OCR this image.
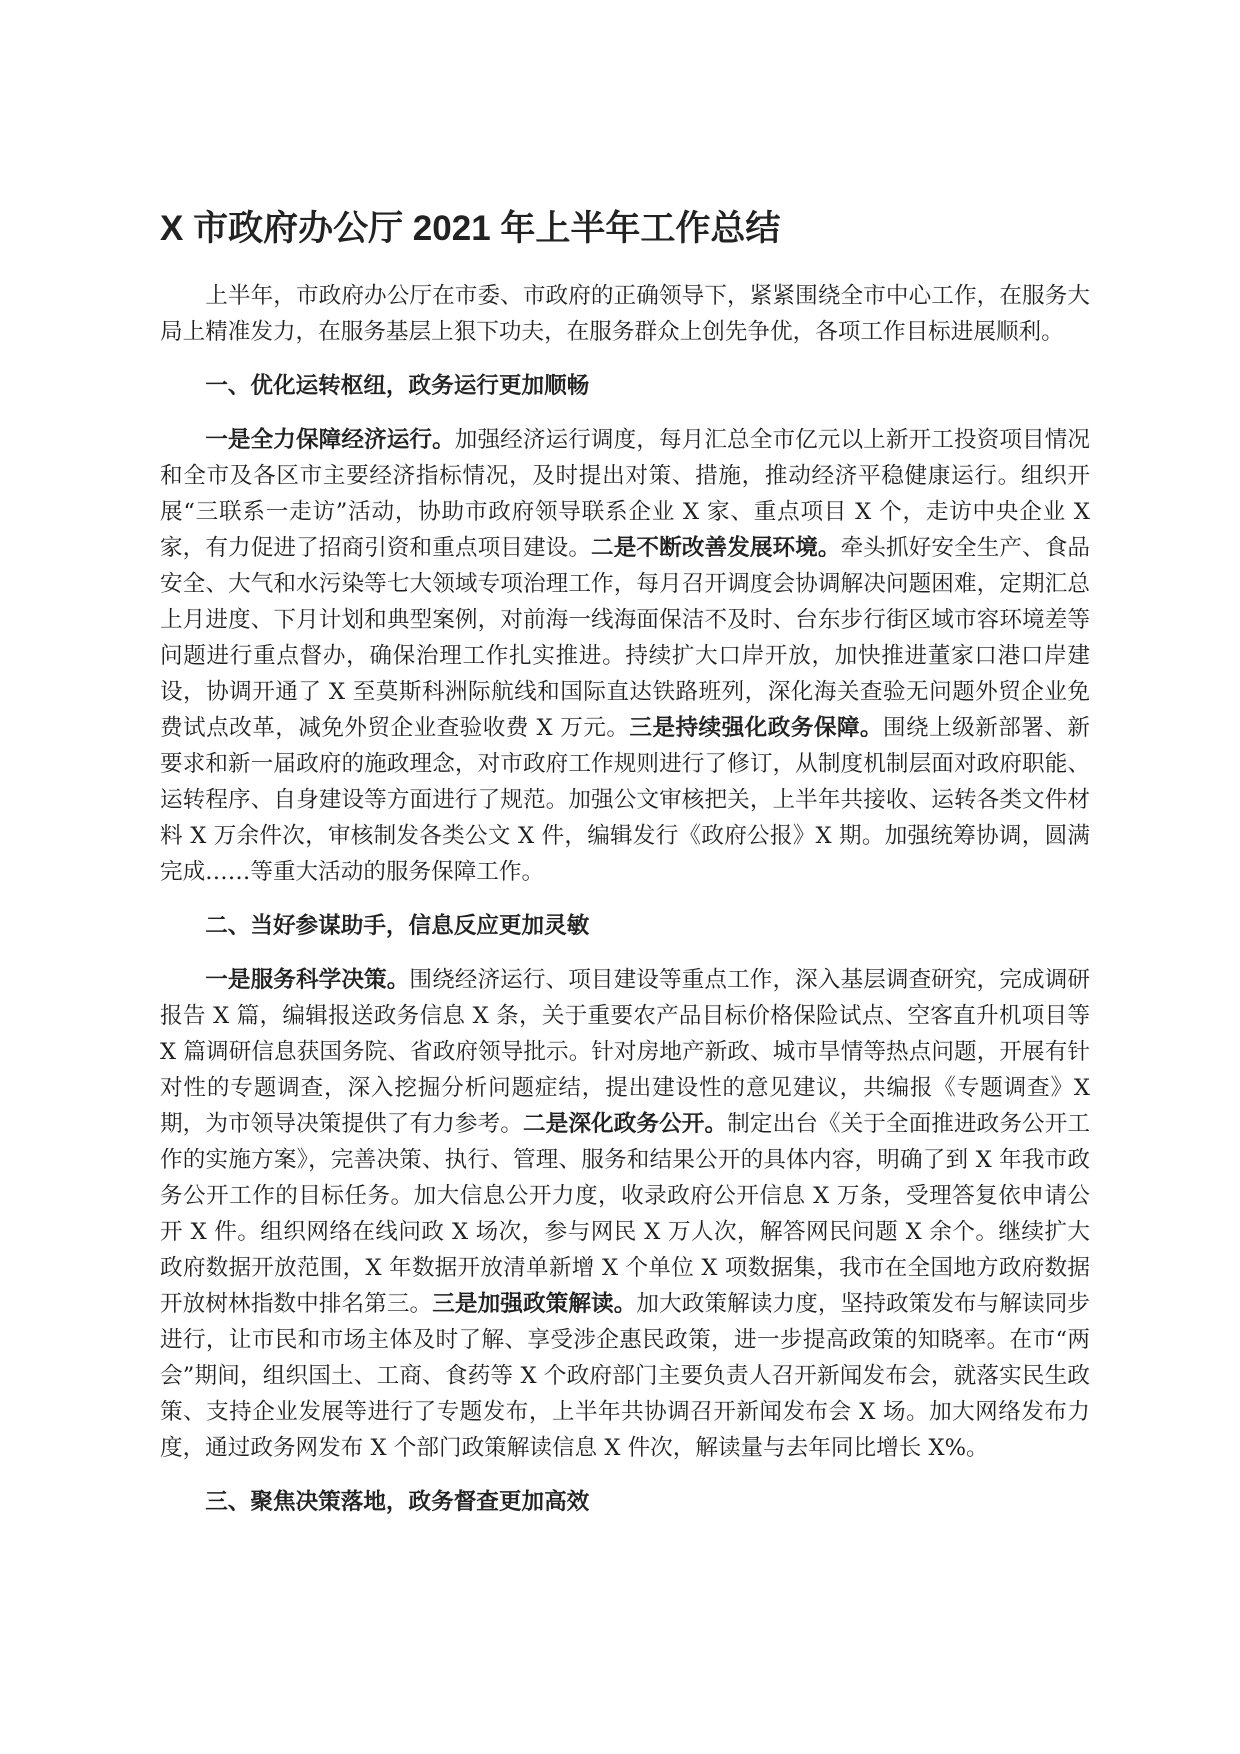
X 市政府办公厅 2021 年上半年工作总结

上半年，市政府办公厅在市委、市政府的正确领导下，紧紧围绕全市中心工作，在服务大局上精准发力，在服务基层上狠下功夫，在服务群众上创先争优，各项工作目标进展顺利。

一、优化运转枢纽，政务运行更加顺畅

一是全力保障经济运行。加强经济运行调度，每月汇总全市亿元以上新开工投资项目情况和全市及各区市主要经济指标情况，及时提出对策、措施，推动经济平稳健康运行。组织开展“三联系一走访”活动，协助市政府领导联系企业 X 家、重点项目 X 个，走访中央企业 X 家，有力促进了招商引资和重点项目建设。二是不断改善发展环境。牵头抓好安全生产、食品安全、大气和水污染等七大领域专项治理工作，每月召开调度会协调解决问题困难，定期汇总上月进度、下月计划和典型案例，对前海一线海面保洁不及时、台东步行街区域市容环境差等问题进行重点督办，确保治理工作扎实推进。持续扩大口岸开放，加快推进董家口港口岸建设，协调开通了 X 至莫斯科洲际航线和国际直达铁路班列，深化海关查验无问题外贸企业免费试点改革，减免外贸企业查验收费 X 万元。三是持续强化政务保障。围绕上级新部署、新要求和新一届政府的施政理念，对市政府工作规则进行了修订，从制度机制层面对政府职能、运转程序、自身建设等方面进行了规范。加强公文审核把关，上半年共接收、运转各类文件材料 X 万余件次，审核制发各类公文 X 件，编辑发行《政府公报》X 期。加强统筹协调，圆满完成……等重大活动的服务保障工作。

二、当好参谋助手，信息反应更加灵敏

一是服务科学决策。围绕经济运行、项目建设等重点工作，深入基层调查研究，完成调研报告 X 篇，编辑报送政务信息 X 条，关于重要农产品目标价格保险试点、空客直升机项目等 X 篇调研信息获国务院、省政府领导批示。针对房地产新政、城市旱情等热点问题，开展有针对性的专题调查，深入挖掘分析问题症结，提出建设性的意见建议，共编报《专题调查》X 期，为市领导决策提供了有力参考。二是深化政务公开。制定出台《关于全面推进政务公开工作的实施方案》，完善决策、执行、管理、服务和结果公开的具体内容，明确了到 X 年我市政务公开工作的目标任务。加大信息公开力度，收录政府公开信息 X 万条，受理答复依申请公开 X 件。组织网络在线问政 X 场次，参与网民 X 万人次，解答网民问题 X 余个。继续扩大政府数据开放范围，X 年数据开放清单新增 X 个单位 X 项数据集，我市在全国地方政府数据开放树林指数中排名第三。三是加强政策解读。加大政策解读力度，坚持政策发布与解读同步进行，让市民和市场主体及时了解、享受涉企惠民政策，进一步提高政策的知晓率。在市“两会”期间，组织国土、工商、食药等 X 个政府部门主要负责人召开新闻发布会，就落实民生政策、支持企业发展等进行了专题发布，上半年共协调召开新闻发布会 X 场。加大网络发布力度，通过政务网发布 X 个部门政策解读信息 X 件次，解读量与去年同比增长 X%。

三、聚焦决策落地，政务督查更加高效
